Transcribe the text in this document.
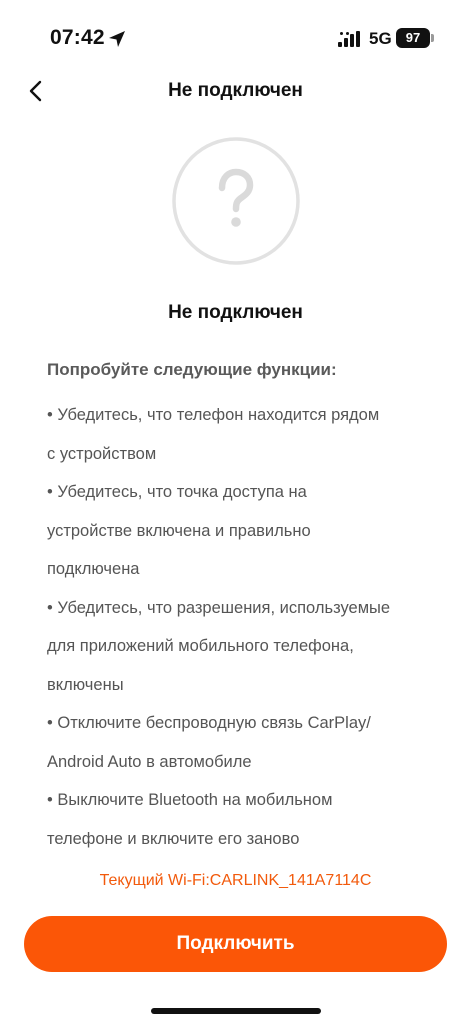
07:42	5G	97
Не подключен
Не подключен
Попробуйте следующие функции:
• Убедитесь, что телефон находится рядом
с устройством
• Убедитесь, что точка доступа на
устройстве включена и правильно
подключена
• Убедитесь, что разрешения, используемые
для приложений мобильного телефона,
включены
• Отключите беспроводную связь CarPlay/
Android Auto в автомобиле
• Выключите Bluetooth на мобильном
телефоне и включите его заново
Текущий Wi-Fi:CARLINK_141A7114C
Подключить
